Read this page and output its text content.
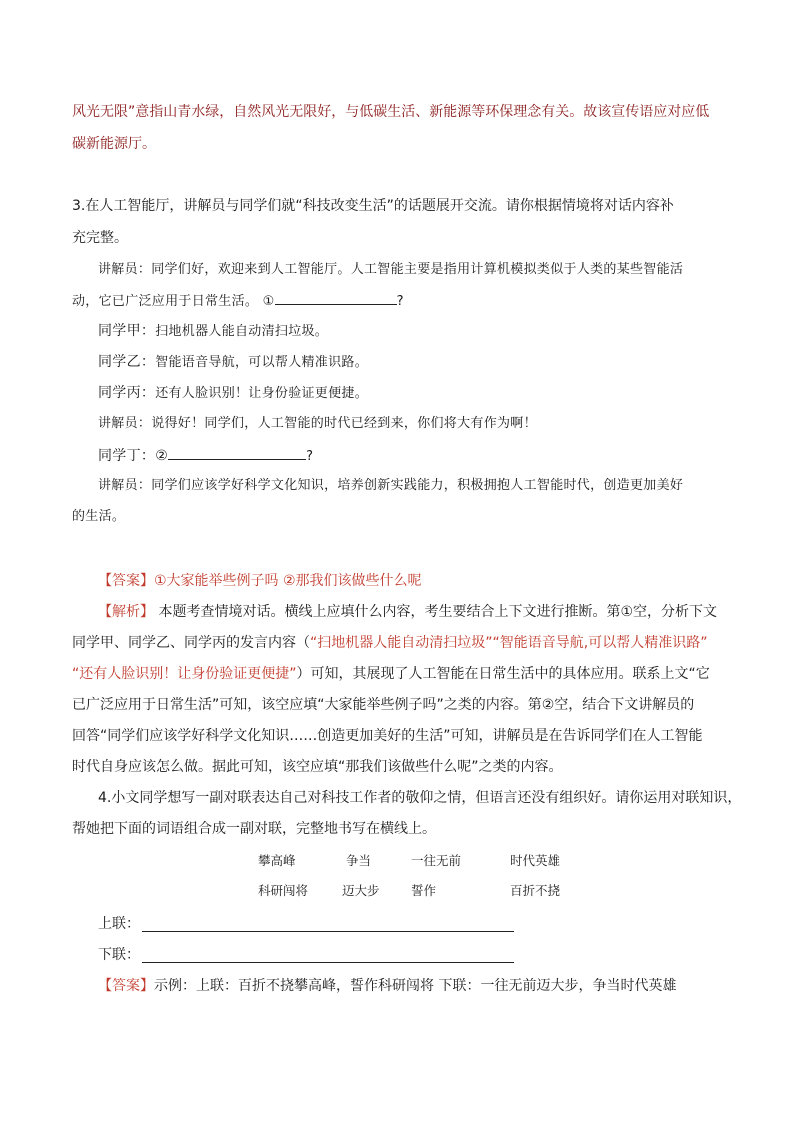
风光无限”意指山青水绿，自然风光无限好，与低碳生活、新能源等环保理念有关。故该宣传语应对应低
碳新能源厅。
3.在人工智能厅，讲解员与同学们就“科技改变生活”的话题展开交流。请你根据情境将对话内容补
充完整。
讲解员：同学们好，欢迎来到人工智能厅。人工智能主要是指用计算机模拟类似于人类的某些智能活
动，它已广泛应用于日常生活。 ①	?
同学甲：扫地机器人能自动清扫垃圾。
同学乙：智能语音导航，可以帮人精准识路。
同学丙：还有人脸识别！让身份验证更便捷。
讲解员：说得好！同学们，人工智能的时代已经到来，你们将大有作为啊！
同学丁：②	?
讲解员：同学们应该学好科学文化知识，培养创新实践能力，积极拥抱人工智能时代，创造更加美好
的生活。
【答案】①大家能举些例子吗 ②那我们该做些什么呢
【解析】 本题考查情境对话。横线上应填什么内容，考生要结合上下文进行推断。第①空，分析下文
同学甲、同学乙、同学丙的发言内容（“扫地机器人能自动清扫垃圾”“智能语音导航,可以帮人精准识路”
“还有人脸识别！让身份验证更便捷”）可知，其展现了人工智能在日常生活中的具体应用。联系上文“它
已广泛应用于日常生活”可知，该空应填“大家能举些例子吗”之类的内容。第②空，结合下文讲解员的
回答“同学们应该学好科学文化知识……创造更加美好的生活”可知，讲解员是在告诉同学们在人工智能
时代自身应该怎么做。据此可知，该空应填“那我们该做些什么呢”之类的内容。
4.小文同学想写一副对联表达自己对科技工作者的敬仰之情，但语言还没有组织好。请你运用对联知识，
帮她把下面的词语组合成一副对联，完整地书写在横线上。
攀高峰	争当	一往无前	时代英雄
科研闯将	迈大步	誓作	百折不挠
上联：
下联：
【答案】示例：上联：百折不挠攀高峰，誓作科研闯将 下联：一往无前迈大步，争当时代英雄
